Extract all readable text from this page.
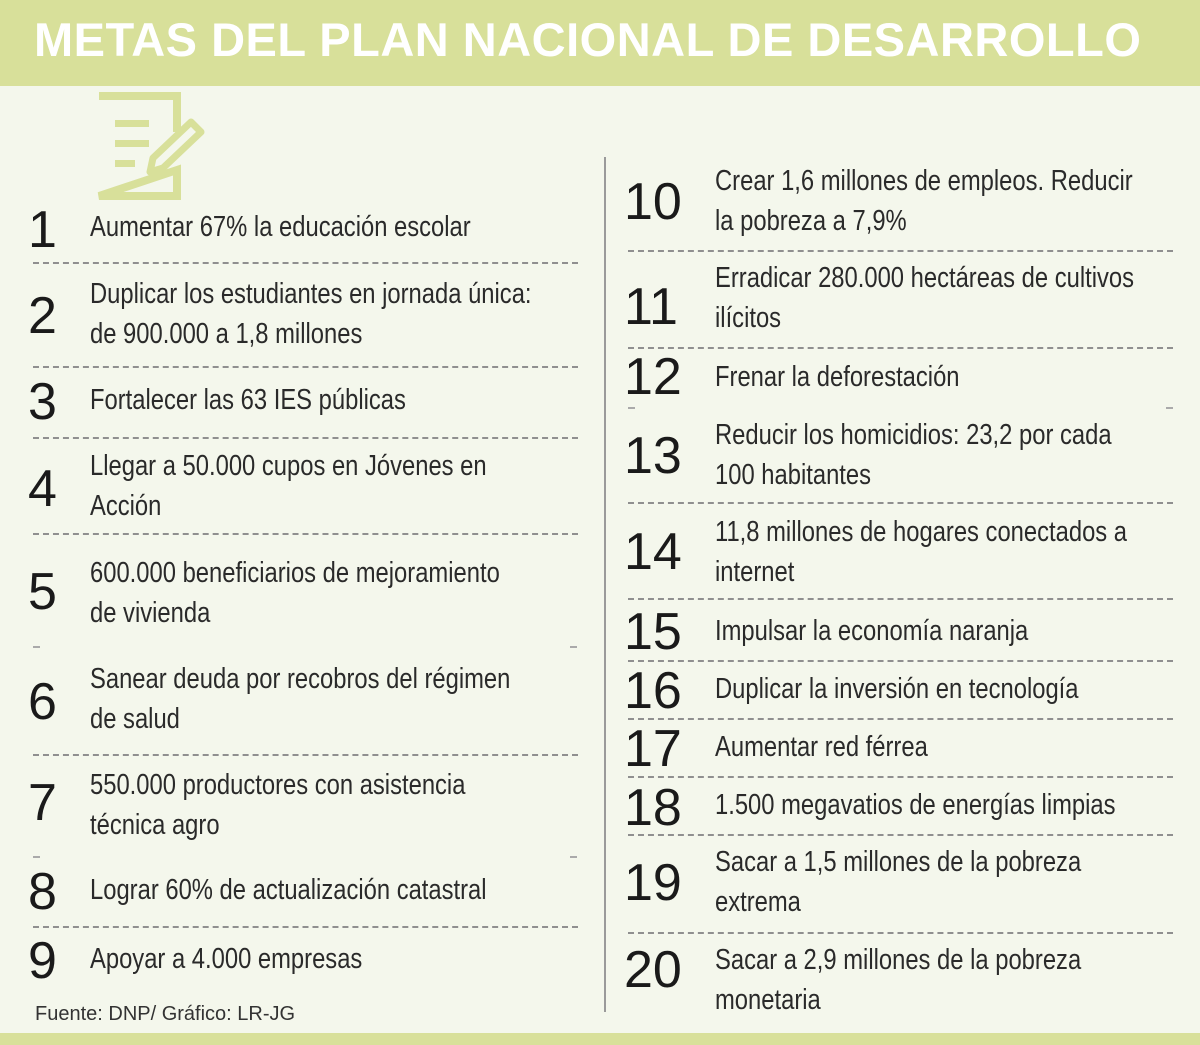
METAS DEL PLAN NACIONAL DE DESARROLLO
1 Aumentar 67% la educación escolar
2 Duplicar los estudiantes en jornada única:
de 900.000 a 1,8 millones
3 Fortalecer las 63 IES públicas
4 Llegar a 50.000 cupos en Jóvenes en
Acción
5 600.000 beneficiarios de mejoramiento
de vivienda
6 Sanear deuda por recobros del régimen
de salud
7 550.000 productores con asistencia
técnica agro
8 Lograr 60% de actualización catastral
9 Apoyar a 4.000 empresas
10 Crear 1,6 millones de empleos. Reducir
la pobreza a 7,9%
11 Erradicar 280.000 hectáreas de cultivos
ilícitos
12 Frenar la deforestación
13 Reducir los homicidios: 23,2 por cada
100 habitantes
14 11,8 millones de hogares conectados a
internet
15 Impulsar la economía naranja
16 Duplicar la inversión en tecnología
17 Aumentar red férrea
18 1.500 megavatios de energías limpias
19 Sacar a 1,5 millones de la pobreza
extrema
20 Sacar a 2,9 millones de la pobreza
monetaria
Fuente: DNP/ Gráfico: LR-JG
